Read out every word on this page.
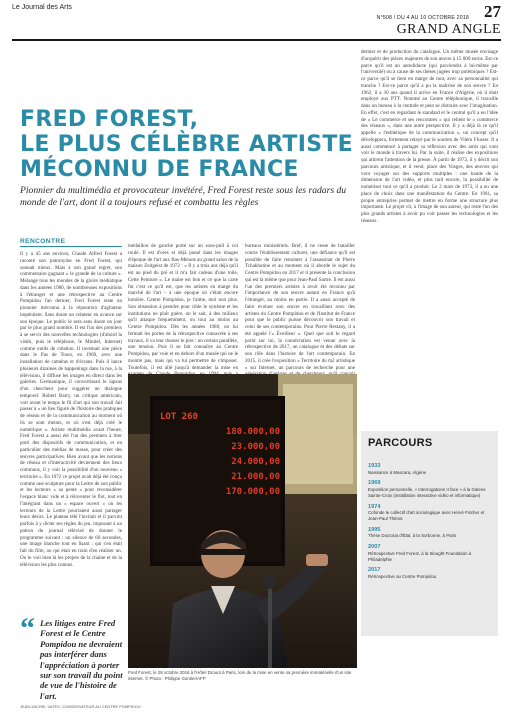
Le Journal des Arts
N°508 / DU 4 AU 10 OCTOBRE 2018 27
GRAND ANGLE

dernier et de production du catalogue. Un même musée envisage d'acquérir des pièces majeures de son œuvre à 15 000 euros. Est-ce parce qu'il est un autodidacte (qui parviendra à lui-même par l'université) ou à cause de ses thèses jugées trop polémiques ? Est-ce parce qu'il se tient en marge de tout, avec sa personnalité qui tranche ? Est-ce parce qu'il a pu la maîtrise de son œuvre ? En 1962, il a 30 ans quand il arrive en France d'Algérie, où il était employé aux PTT. Nommé au Centre téléphonique, il travaille dans un bureau à la centrale et peut se distraire avec l'imagination. En effet, c'est en regardant le standard et le central qu'il a eu l'idée de « Le commerce et ses rencontres » qui relient le « commerce des réseaux », dans une autre perspective. Il y a déjà là ce qu'il appelle « l'esthétique de la communication », un concept qu'il développera, fortement relayé par le soutien de Vilém Flusser. Il a aussi commencé à partager sa réflexion avec des amis qui vont voir le monde à travers lui. Par la suite, il réalise des expositions qui attirent l'attention de la presse. À partir de 1972, il y décrit son parcours artistique, et il vend, place des Vosges, des œuvres qui vont voyager sur des supports multiples : une bande de la dimension de l'art vidéo, et plus tard encore, la possibilité de numériser tout ce qu'il a produit. Le 2 mars de 1973, il a eu une place de choix dans une manifestation du Centre. En 1981, sa propre entreprise permet de mettre en forme une structure plus importante. Le projet vit, à l'image de son auteur, qui reste l'un des plus grands artistes à avoir pu voir passer les technologies et les réseaux.

FRED FOREST,
LE PLUS CÉLÈBRE ARTISTE
MÉCONNU DE FRANCE
Pionnier du multimédia et provocateur invétéré, Fred Forest reste sous les radars du monde de l'art, dont il a toujours refusé et combattu les règles
RENCONTRE

Il y a 45 ans environ, Claude Alfred Forest a raconté son patronyme en Fred Forest, qui sonnait mieux. Mais à son grand regret, son commentaire gagnant « le grande de la culture ». Mélangé tous les mondes de la gloire médiatique dans les années 1980, de nombreuses expositions à l'étranger et une rétrospective au Centre Pompidou l'an dernier, Fred Forest reste un pionnier méconnu à la réputation d'agitateur impénitent. Sans doute un créateur en avance sur son époque. Le public le sera sans doute un jour par le plus grand nombre. Il est l'un des premiers à se servir des nouvelles technologies (d'abord la vidéo, puis le téléphone, le Minitel, Internet) comme outils de création. Il inventait une pièce dans le Pas de Tours, en 1969, avec une installation de caméras et d'écrans. Puis il lance plusieurs dizaines de happenings dans la rue, à la télévision, il diffuse les images en direct dans les galeries. Germanique, il convertissait le lapsus d'un chercheur pour suggérer un dialogue temporel. Robert Barry, un critique américain, voit avant le temps le fil d'art qui son travail fait passer à « un lieu figuré de l'histoire des pratiques de réseau et de la communication au moment où ils se sont éteints, et où s'est déjà créé le numérique ». Artiste multimédia avant l'heure, Fred Forest a aussi été l'un des premiers à tirer parti des dispositifs de communication, et en particulier des médias de masse, pour créer des œuvres participatives. Bien avant que les notions de réseau et d'interactivité deviennent des lieux communs, il y voit la possibilité d'un nouveau « territoire ». En 1972 ce projet avait déjà été conçu comme une sculpture pour la Lettre de son public et les lecteurs « sa pente » pour reconsidérer l'espace blanc vide et à réinventer le flot, tout en l'intégrant dans un « espace ouvert » où les lecteurs de la Lettre pourraient aussi partager leurs désirs. Le plateau télé l'invitait et il parvint parfois à y dicter ses règles du jeu, imposant à un patron du journal télévisé de donner le programme suivant : un silence de 60 secondes, une image blanche tout en lisant : qui s'en était fait du film, ou qui était en train d'en réaliser un. Ou le voit bien là les projets de la chaîne et de la télévision les plus connus.

médaillon de gauche porté sur un sous-pull à col roulé. Il est d'ores et déjà passé dans les images d'époque de l'art aux Bas-Ménots au grand salon de la maison Zeitgeist de 1972 : « Il y a trois ans déjà qu'il est au pied du pré et il m'a fait cadeau d'une toile, Cette Peinture ». Le maire est bon et ce que la carte fut c'est ce qu'il est, que les artistes en marge du marché de l'art – à une époque où c'était encore lumière. Centre Pompidou, je t'aime, moi non plus. Son obsession à prendre pour cible le système et les institutions ne plaît guère, on le sait, à des milieux qu'il attaque fréquemment, ou tout au moins au Centre Pompidou. Dès les années 1980, on lui fermait les portes de la rétrospective consacrée à ses travaux, il va leur donner le pire : un certain parallèle, une tension. Puis il se fait connaître au Centre Pompidou, par voie et en dehors d'un musée qui ne le montre pas, mais qui va lui permettre de s'imposer. Toutefois, il est allé jusqu'à demander la mise en

bureaux ministériels. Bref, il ne cesse de batailler contre l'établissement culturel, une défiance qu'il est possible de faire remonter à l'assassinat de Pierre Tchakhotine et au moment où il aborde le sujet du Centre Pompidou en 2017 et il présente la conclusion qui est la même que pour Jean-Paul Sartre. Il est aussi l'un des premiers artistes à avoir été reconnu par l'importance de son œuvre autant en France qu'à l'étranger, au moins en partie. Il a aussi accepté de faire évoluer son œuvre en travaillant avec des artistes du Centre Pompidou et de l'Institut de France pour que le public puisse découvrir son travail et celui de ses contemporains. Pour Pierre Restany, il a été appelé l'« Éveilleur ». Quel que soit le regard porté sur lui, la consécration est venue avec la rétrospective de 2017, un catalogue et des débats sur son rôle dans l'histoire de l'art contemporain. En 2015, il crée l'exposition « Territoire du m2 artistique » sur Internet, un parcours de recherche pour une

LOT 260
180.000,00
23.000,00
24.000,00
21.000,00
170.000,00
Fred Forest, le 28 octobre 2016 à l'Hôtel Drouot à Paris, lors de la mise en vente sa première immatérielle d'un site internet. © Photo : Philippe Gontier/AFP
“ Les litiges entre Fred Forest et le Centre Pompidou ne devraient pas interférer dans l'appréciation à porter sur son travail du point de vue de l'histoire de l'art.
JEAN-MICHEL VATÉS, CONSERVATEUR AU CENTRE POMPIDOU
PARCOURS
1933
Naissance à Mascara, Algérie
1969
Exposition personnelle, « Interrogations II face » à la Galerie Sainte-Croix (installation interactive vidéo et informatique)
1974
Cofonde le collectif d'art sociologique avec Hervé Fischer et Jean-Paul Thénot
1995
Thèse Doctorat d'État, à la Sorbonne, à Paris
2007
Rétrospective Fred Forest, à la Slought Foundation à Philadelphie
2017
Rétrospective au Centre Pompidou
